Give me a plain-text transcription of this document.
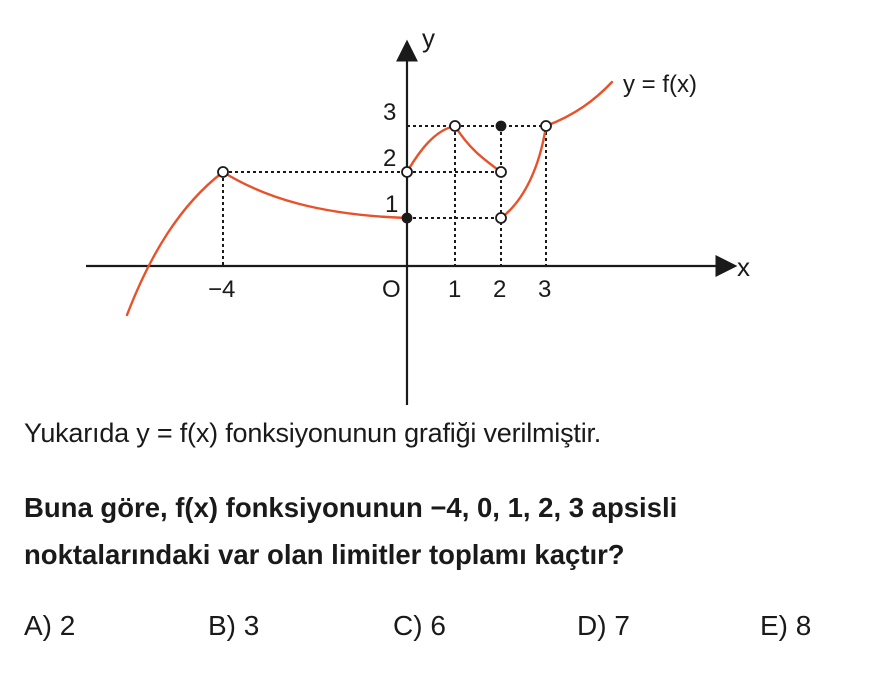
y
x
O
y = f(x)
−4	1 2 3
1
2
3
Yukarıda y = f(x) fonksiyonunun grafiği verilmiştir.
Buna göre, f(x) fonksiyonunun −4, 0, 1, 2, 3 apsisli
noktalarındaki var olan limitler toplamı kaçtır?
A) 2	B) 3	C) 6	D) 7	E) 8
